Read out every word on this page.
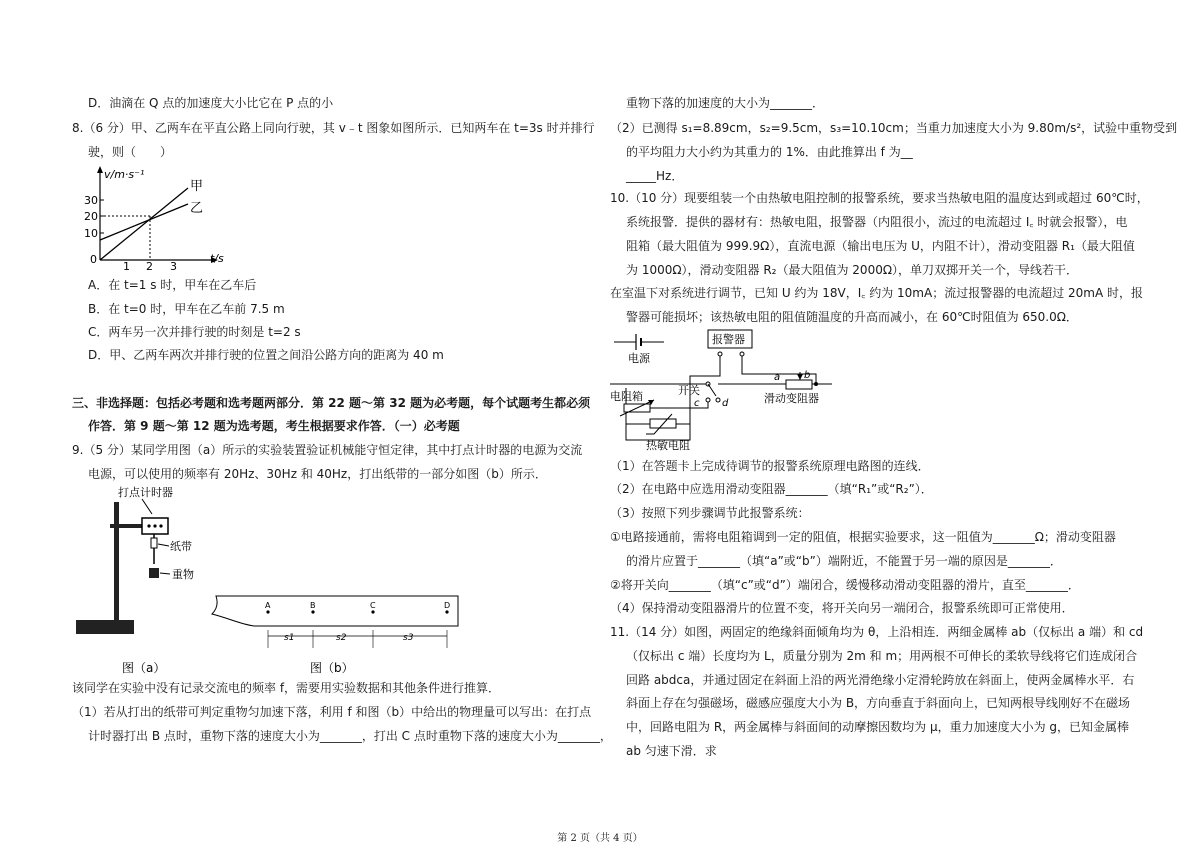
D．油滴在 Q 点的加速度大小比它在 P 点的小
8.（6 分）甲、乙两车在平直公路上同向行驶，其 v﹣t 图象如图所示．已知两车在 t=3s 时并排行
驶，则（　　）
v/m·s⁻¹
t/s
30
20
10
0
1 2 3
甲
乙
A．在 t=1 s 时，甲车在乙车后
B．在 t=0 时，甲车在乙车前 7.5 m
C．两车另一次并排行驶的时刻是 t=2 s
D．甲、乙两车两次并排行驶的位置之间沿公路方向的距离为 40 m
三、非选择题：包括必考题和选考题两部分．第 22 题～第 32 题为必考题，每个试题考生都必须
作答．第 9 题～第 12 题为选考题，考生根据要求作答．（一）必考题
9.（5 分）某同学用图（a）所示的实验装置验证机械能守恒定律，其中打点计时器的电源为交流
电源，可以使用的频率有 20Hz、30Hz 和 40Hz，打出纸带的一部分如图（b）所示．
打点计时器
纸带
重物
图（a）
A	B	C	D
s1	s2	s3
图（b）
该同学在实验中没有记录交流电的频率 f，需要用实验数据和其他条件进行推算．
（1）若从打出的纸带可判定重物匀加速下落，利用 f 和图（b）中给出的物理量可以写出：在打点
计时器打出 B 点时，重物下落的速度大小为_______，打出 C 点时重物下落的速度大小为_______，
重物下落的加速度的大小为_______．
（2）已测得 s₁=8.89cm，s₂=9.5cm，s₃=10.10cm；当重力加速度大小为 9.80m/s²，试验中重物受到
的平均阻力大小约为其重力的 1%．由此推算出 f 为__
_____Hz．
10.（10 分）现要组装一个由热敏电阻控制的报警系统，要求当热敏电阻的温度达到或超过 60℃时，
系统报警．提供的器材有：热敏电阻，报警器（内阻很小，流过的电流超过 I꜀ 时就会报警），电
阻箱（最大阻值为 999.9Ω），直流电源（输出电压为 U，内阻不计），滑动变阻器 R₁（最大阻值
为 1000Ω），滑动变阻器 R₂（最大阻值为 2000Ω），单刀双掷开关一个，导线若干．
在室温下对系统进行调节，已知 U 约为 18V，I꜀ 约为 10mA；流过报警器的电流超过 20mA 时，报
警器可能损坏；该热敏电阻的阻值随温度的升高而减小，在 60℃时阻值为 650.0Ω．
电源
报警器
开关
c d
a b
滑动变阻器
电阻箱
热敏电阻
（1）在答题卡上完成待调节的报警系统原理电路图的连线．
（2）在电路中应选用滑动变阻器_______（填“R₁”或“R₂”）．
（3）按照下列步骤调节此报警系统：
①电路接通前，需将电阻箱调到一定的阻值，根据实验要求，这一阻值为_______Ω；滑动变阻器
的滑片应置于_______（填“a”或“b”）端附近，不能置于另一端的原因是_______．
②将开关向_______（填“c”或“d”）端闭合，缓慢移动滑动变阻器的滑片，直至_______．
（4）保持滑动变阻器滑片的位置不变，将开关向另一端闭合，报警系统即可正常使用．
11.（14 分）如图，两固定的绝缘斜面倾角均为 θ，上沿相连．两细金属棒 ab（仅标出 a 端）和 cd
（仅标出 c 端）长度均为 L，质量分别为 2m 和 m；用两根不可伸长的柔软导线将它们连成闭合
回路 abdca，并通过固定在斜面上沿的两光滑绝缘小定滑轮跨放在斜面上，使两金属棒水平．右
斜面上存在匀强磁场，磁感应强度大小为 B，方向垂直于斜面向上，已知两根导线刚好不在磁场
中，回路电阻为 R，两金属棒与斜面间的动摩擦因数均为 μ，重力加速度大小为 g，已知金属棒
ab 匀速下滑．求
第 2 页（共 4 页）
